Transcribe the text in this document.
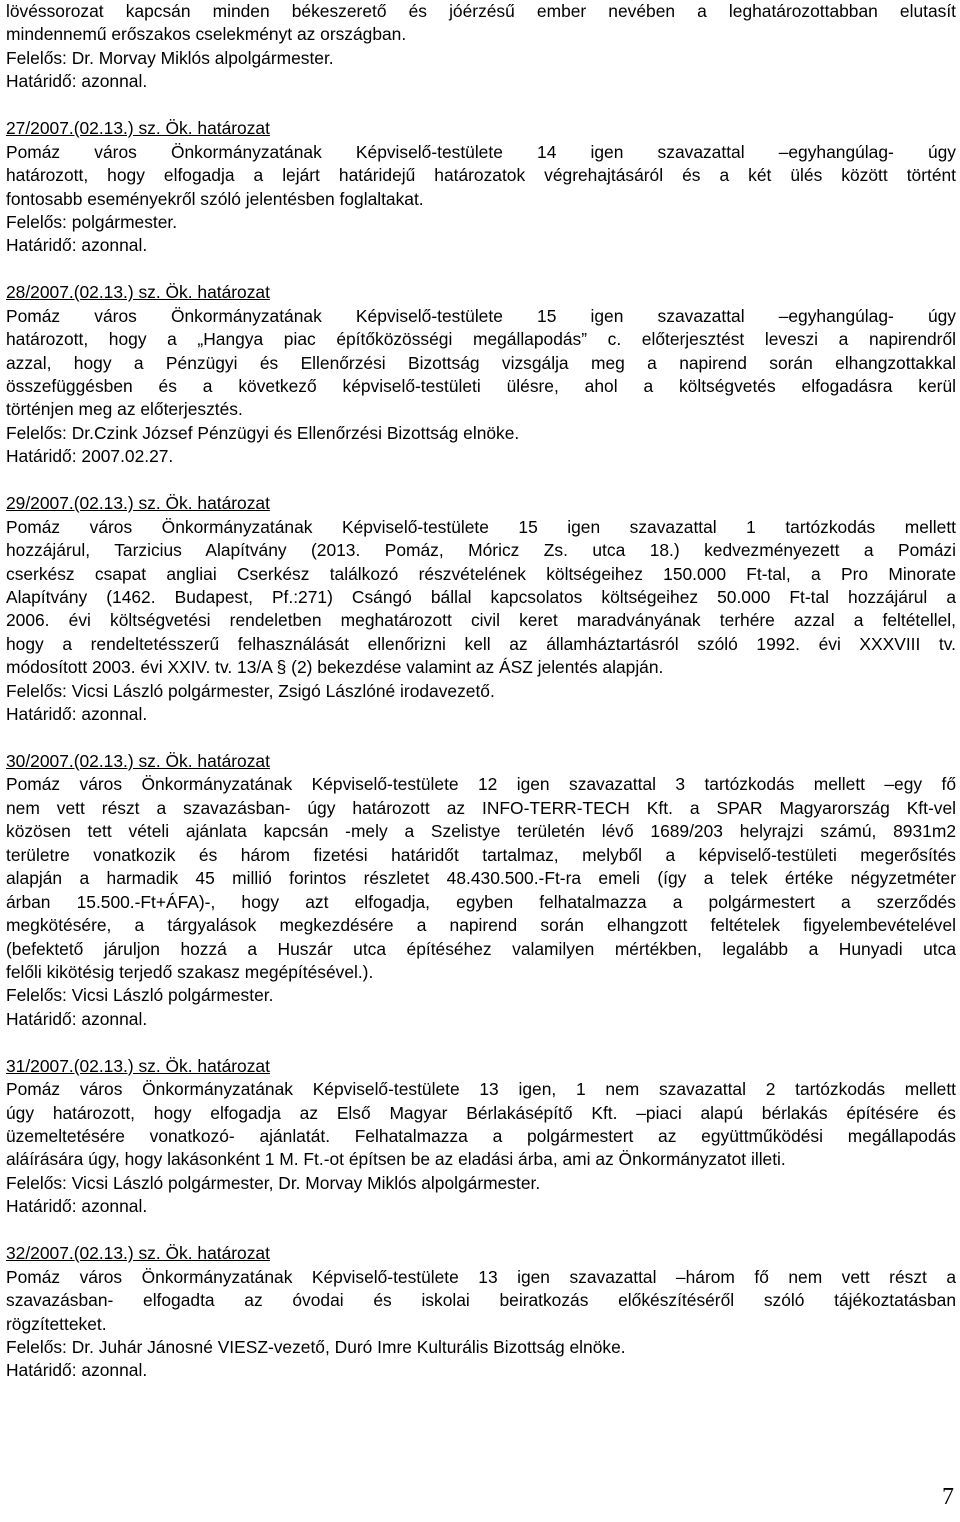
lövéssorozat kapcsán minden békeszerető és jóérzésű ember nevében a leghatározottabban elutasít
mindennemű erőszakos cselekményt az országban.
Felelős: Dr. Morvay Miklós alpolgármester.
Határidő: azonnal.
27/2007.(02.13.) sz. Ök. határozat
Pomáz város Önkormányzatának Képviselő-testülete 14 igen szavazattal –egyhangúlag- úgy
határozott, hogy elfogadja a lejárt határidejű határozatok végrehajtásáról és a két ülés között történt
fontosabb eseményekről szóló jelentésben foglaltakat.
Felelős: polgármester.
Határidő: azonnal.
28/2007.(02.13.) sz. Ök. határozat
Pomáz város Önkormányzatának Képviselő-testülete 15 igen szavazattal –egyhangúlag- úgy
határozott, hogy a „Hangya piac építőközösségi megállapodás” c. előterjesztést leveszi a napirendről
azzal, hogy a Pénzügyi és Ellenőrzési Bizottság vizsgálja meg a napirend során elhangzottakkal
összefüggésben és a következő képviselő-testületi ülésre, ahol a költségvetés elfogadásra kerül
történjen meg az előterjesztés.
Felelős: Dr.Czink József Pénzügyi és Ellenőrzési Bizottság elnöke.
Határidő: 2007.02.27.
29/2007.(02.13.) sz. Ök. határozat
Pomáz város Önkormányzatának Képviselő-testülete 15 igen szavazattal 1 tartózkodás mellett
hozzájárul, Tarzicius Alapítvány (2013. Pomáz, Móricz Zs. utca 18.) kedvezményezett a Pomázi
cserkész csapat angliai Cserkész találkozó részvételének költségeihez 150.000 Ft-tal, a Pro Minorate
Alapítvány (1462. Budapest, Pf.:271) Csángó bállal kapcsolatos költségeihez 50.000 Ft-tal hozzájárul a
2006. évi költségvetési rendeletben meghatározott civil keret maradványának terhére azzal a feltétellel,
hogy a rendeltetésszerű felhasználását ellenőrizni kell az államháztartásról szóló 1992. évi XXXVIII tv.
módosított 2003. évi XXIV. tv. 13/A § (2) bekezdése valamint az ÁSZ jelentés alapján.
Felelős: Vicsi László polgármester, Zsigó Lászlóné irodavezető.
Határidő: azonnal.
30/2007.(02.13.) sz. Ök. határozat
Pomáz város Önkormányzatának Képviselő-testülete 12 igen szavazattal 3 tartózkodás mellett –egy fő
nem vett részt a szavazásban- úgy határozott az INFO-TERR-TECH Kft. a SPAR Magyarország Kft-vel
közösen tett vételi ajánlata kapcsán -mely a Szelistye területén lévő 1689/203 helyrajzi számú, 8931m2
területre vonatkozik és három fizetési határidőt tartalmaz, melyből a képviselő-testületi megerősítés
alapján a harmadik 45 millió forintos részletet 48.430.500.-Ft-ra emeli (így a telek értéke négyzetméter
árban 15.500.-Ft+ÁFA)-, hogy azt elfogadja, egyben felhatalmazza a polgármestert a szerződés
megkötésére, a tárgyalások megkezdésére a napirend során elhangzott feltételek figyelembevételével
(befektető járuljon hozzá a Huszár utca építéséhez valamilyen mértékben, legalább a Hunyadi utca
felőli kikötésig terjedő szakasz megépítésével.).
Felelős: Vicsi László polgármester.
Határidő: azonnal.
31/2007.(02.13.) sz. Ök. határozat
Pomáz város Önkormányzatának Képviselő-testülete 13 igen, 1 nem szavazattal 2 tartózkodás mellett
úgy határozott, hogy elfogadja az Első Magyar Bérlakásépítő Kft. –piaci alapú bérlakás építésére és
üzemeltetésére vonatkozó- ajánlatát. Felhatalmazza a polgármestert az együttműködési megállapodás
aláírására úgy, hogy lakásonként 1 M. Ft.-ot építsen be az eladási árba, ami az Önkormányzatot illeti.
Felelős: Vicsi László polgármester, Dr. Morvay Miklós alpolgármester.
Határidő: azonnal.
32/2007.(02.13.) sz. Ök. határozat
Pomáz város Önkormányzatának Képviselő-testülete 13 igen szavazattal –három fő nem vett részt a
szavazásban- elfogadta az óvodai és iskolai beiratkozás előkészítéséről szóló tájékoztatásban
rögzítetteket.
Felelős: Dr. Juhár Jánosné VIESZ-vezető, Duró Imre Kulturális Bizottság elnöke.
Határidő: azonnal.
7
